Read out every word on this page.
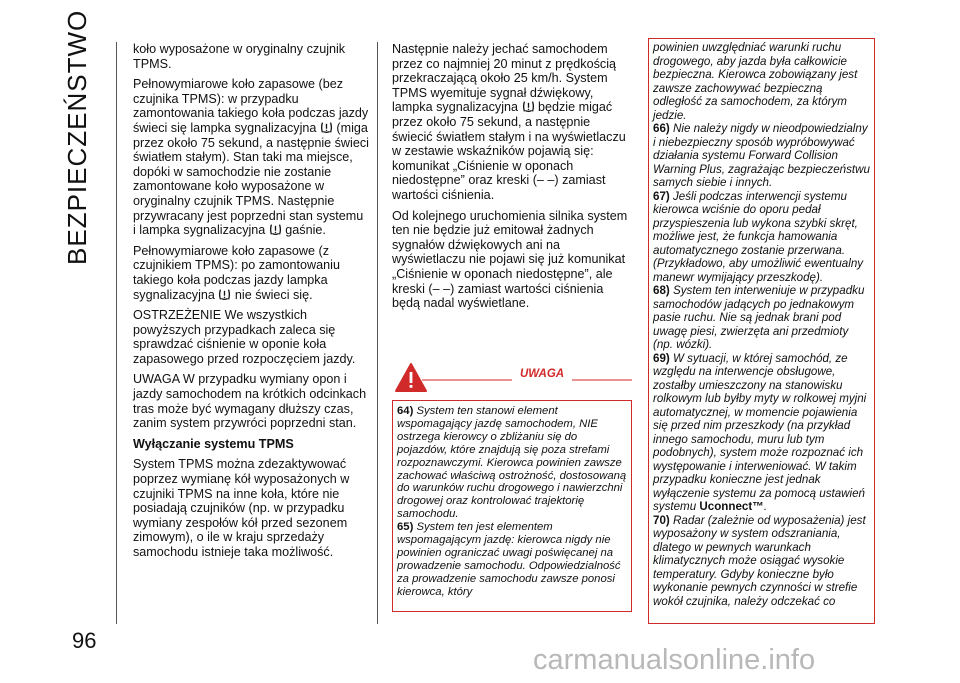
BEZPIECZEŃSTWO
96

koło wyposażone w oryginalny czujnik TPMS.

Pełnowymiarowe koło zapasowe (bez czujnika TPMS): w przypadku zamontowania takiego koła podczas jazdy świeci się lampka sygnalizacyjna (miga przez około 75 sekund, a następnie świeci światłem stałym). Stan taki ma miejsce, dopóki w samochodzie nie zostanie zamontowane koło wyposażone w oryginalny czujnik TPMS. Następnie przywracany jest poprzedni stan systemu i lampka sygnalizacyjna gaśnie.

Pełnowymiarowe koło zapasowe (z czujnikiem TPMS): po zamontowaniu takiego koła podczas jazdy lampka sygnalizacyjna nie świeci się.

OSTRZEŻENIE We wszystkich powyższych przypadkach zaleca się sprawdzać ciśnienie w oponie koła zapasowego przed rozpoczęciem jazdy.

UWAGA W przypadku wymiany opon i jazdy samochodem na krótkich odcinkach tras może być wymagany dłuższy czas, zanim system przywróci poprzedni stan.

Wyłączanie systemu TPMS

System TPMS można zdezaktywować poprzez wymianę kół wyposażonych w czujniki TPMS na inne koła, które nie posiadają czujników (np. w przypadku wymiany zespołów kół przed sezonem zimowym), o ile w kraju sprzedaży samochodu istnieje taka możliwość.

Następnie należy jechać samochodem przez co najmniej 20 minut z prędkością przekraczającą około 25 km/h. System TPMS wyemituje sygnał dźwiękowy, lampka sygnalizacyjna będzie migać przez około 75 sekund, a następnie świecić światłem stałym i na wyświetlaczu w zestawie wskaźników pojawią się: komunikat „Ciśnienie w oponach niedostępne” oraz kreski (– –) zamiast wartości ciśnienia.

Od kolejnego uruchomienia silnika system ten nie będzie już emitował żadnych sygnałów dźwiękowych ani na wyświetlaczu nie pojawi się już komunikat „Ciśnienie w oponach niedostępne”, ale kreski (– –) zamiast wartości ciśnienia będą nadal wyświetlane.

UWAGA

64) System ten stanowi element wspomagający jazdę samochodem, NIE ostrzega kierowcy o zbliżaniu się do pojazdów, które znajdują się poza strefami rozpoznawczymi. Kierowca powinien zawsze zachować właściwą ostrożność, dostosowaną do warunków ruchu drogowego i nawierzchni drogowej oraz kontrolować trajektorię samochodu.

65) System ten jest elementem wspomagającym jazdę: kierowca nigdy nie powinien ograniczać uwagi poświęcanej na prowadzenie samochodu. Odpowiedzialność za prowadzenie samochodu zawsze ponosi kierowca, który

powinien uwzględniać warunki ruchu drogowego, aby jazda była całkowicie bezpieczna. Kierowca zobowiązany jest zawsze zachowywać bezpieczną odległość za samochodem, za którym jedzie.

66) Nie należy nigdy w nieodpowiedzialny i niebezpieczny sposób wypróbowywać działania systemu Forward Collision Warning Plus, zagrażając bezpieczeństwu samych siebie i innych.

67) Jeśli podczas interwencji systemu kierowca wciśnie do oporu pedał przyspieszenia lub wykona szybki skręt, możliwe jest, że funkcja hamowania automatycznego zostanie przerwana. (Przykładowo, aby umożliwić ewentualny manewr wymijający przeszkodę).

68) System ten interweniuje w przypadku samochodów jadących po jednakowym pasie ruchu. Nie są jednak brani pod uwagę piesi, zwierzęta ani przedmioty (np. wózki).

69) W sytuacji, w której samochód, ze względu na interwencje obsługowe, zostałby umieszczony na stanowisku rolkowym lub byłby myty w rolkowej myjni automatycznej, w momencie pojawienia się przed nim przeszkody (na przykład innego samochodu, muru lub tym podobnych), system może rozpoznać ich występowanie i interweniować. W takim przypadku konieczne jest jednak wyłączenie systemu za pomocą ustawień systemu Uconnect™.

70) Radar (zależnie od wyposażenia) jest wyposażony w system odszraniania, dlatego w pewnych warunkach klimatycznych może osiągać wysokie temperatury. Gdyby konieczne było wykonanie pewnych czynności w strefie wokół czujnika, należy odczekać co

carmanualsonline.info
